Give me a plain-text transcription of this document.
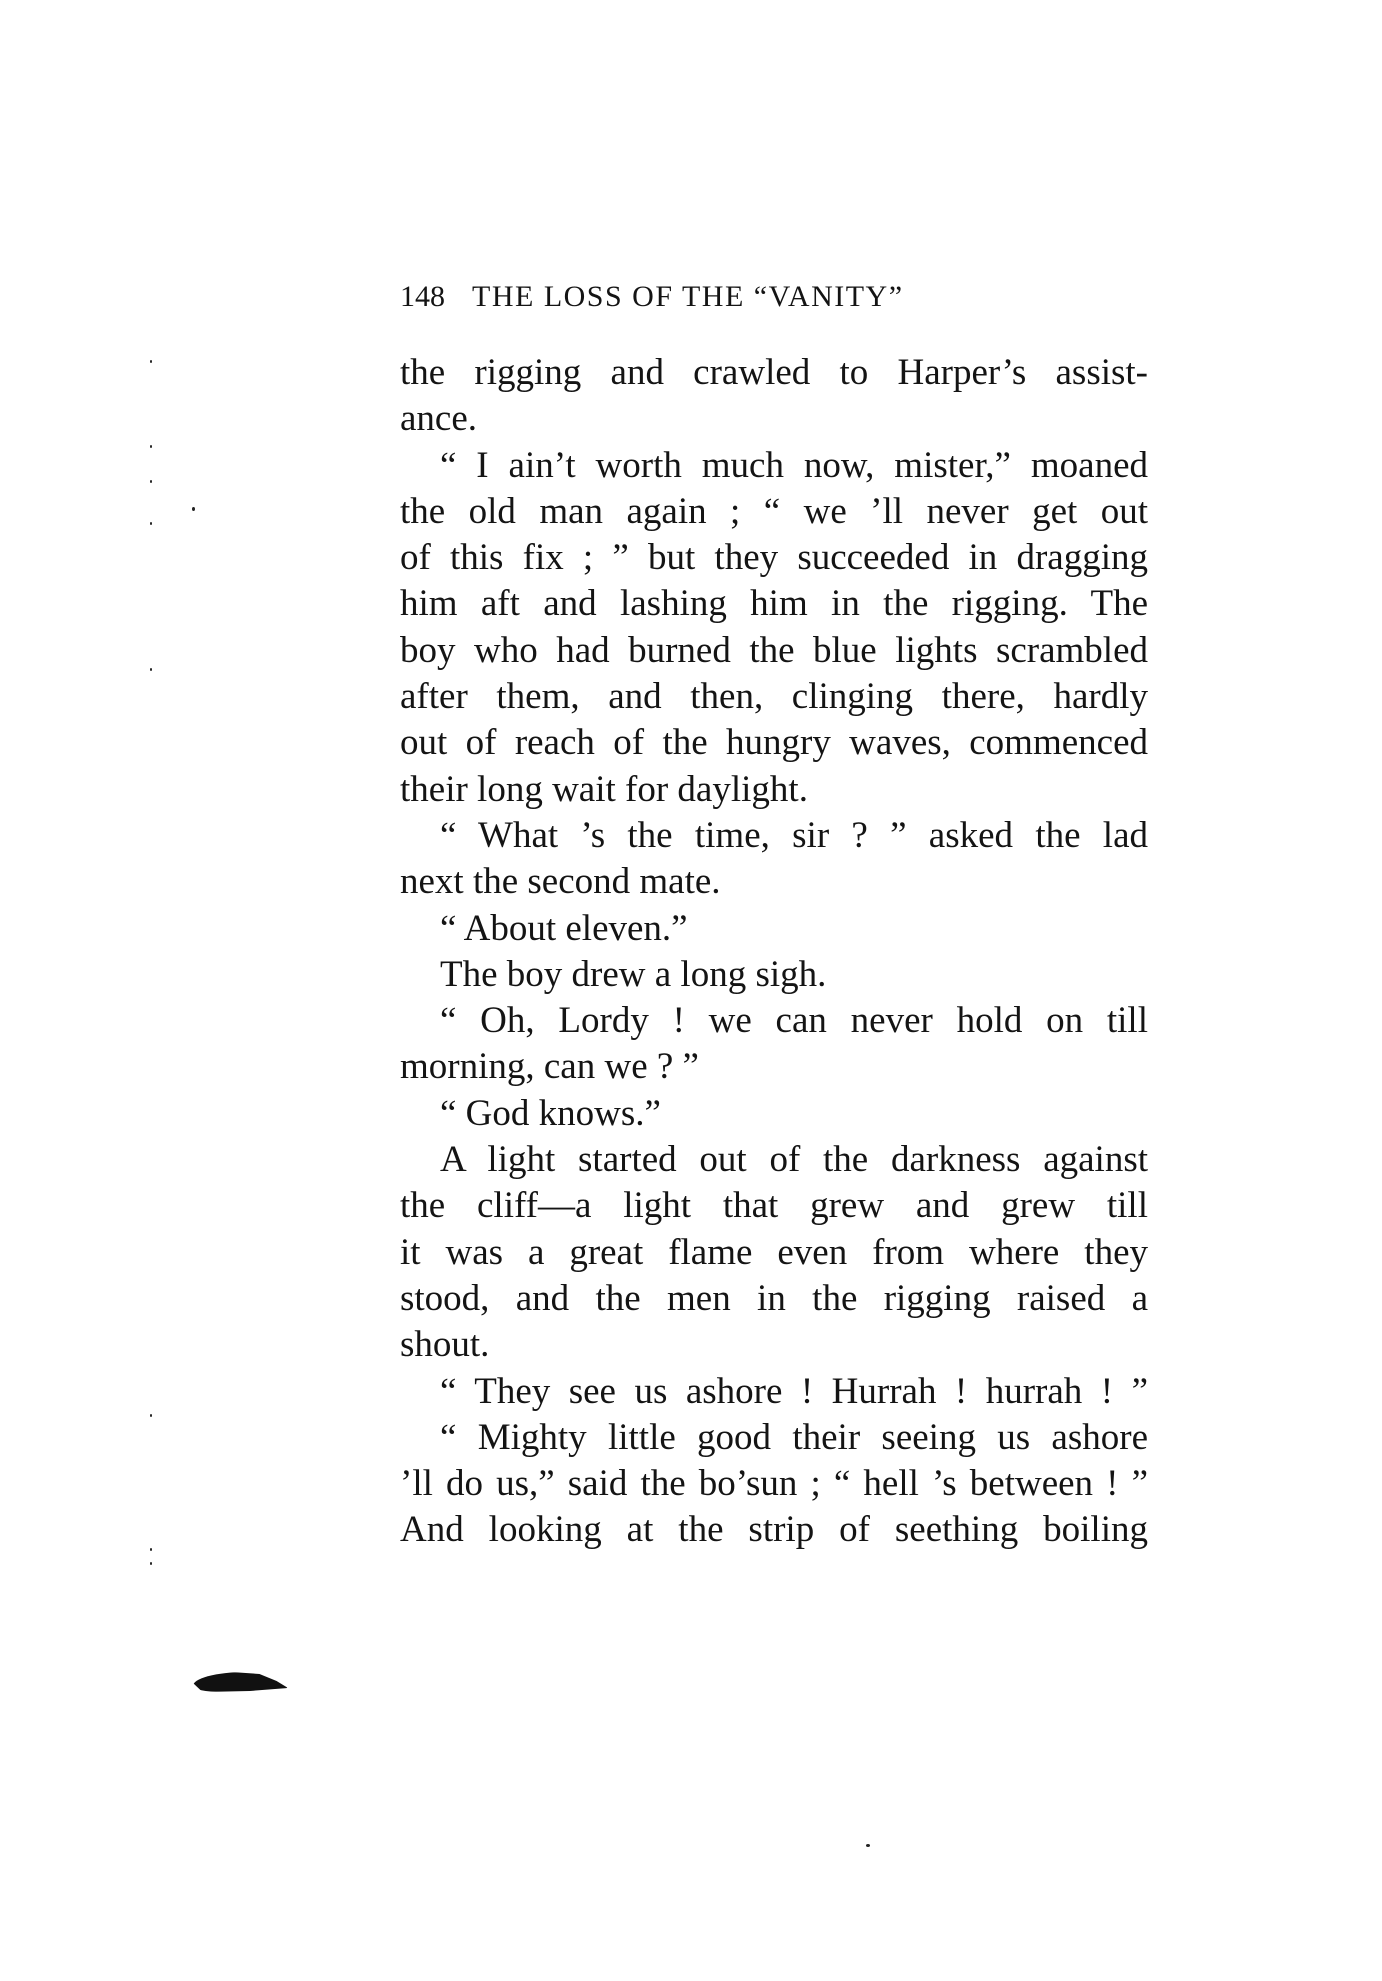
148 THE LOSS OF THE “VANITY”
the rigging and crawled to Harper’s assist-
ance.
“ I ain’t worth much now, mister,” moaned
the old man again ; “ we ’ll never get out
of this fix ; ” but they succeeded in dragging
him aft and lashing him in the rigging. The
boy who had burned the blue lights scrambled
after them, and then, clinging there, hardly
out of reach of the hungry waves, commenced
their long wait for daylight.
“ What ’s the time, sir ? ” asked the lad
next the second mate.
“ About eleven.”
The boy drew a long sigh.
“ Oh, Lordy ! we can never hold on till
morning, can we ? ”
“ God knows.”
A light started out of the darkness against
the cliff—a light that grew and grew till
it was a great flame even from where they
stood, and the men in the rigging raised a
shout.
“ They see us ashore ! Hurrah ! hurrah ! ”
“ Mighty little good their seeing us ashore
’ll do us,” said the bo’sun ; “ hell ’s between ! ”
And looking at the strip of seething boiling
